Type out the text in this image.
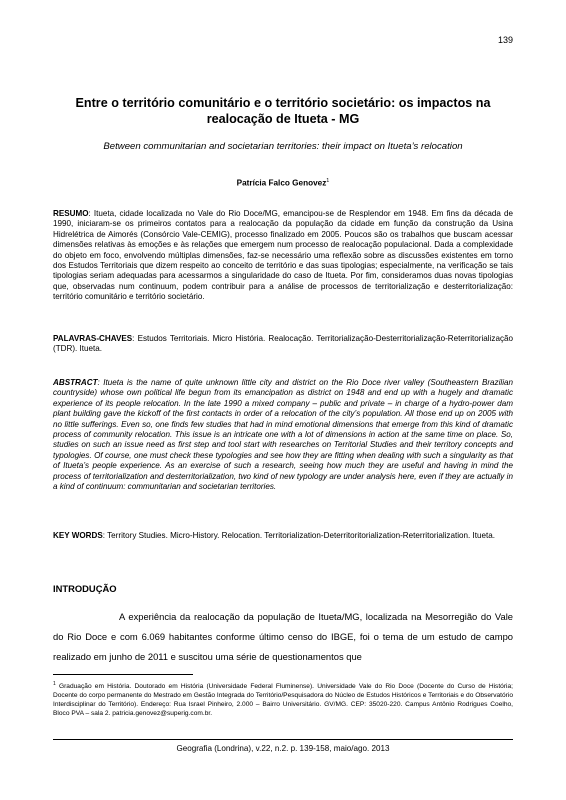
139
Entre o território comunitário e o território societário: os impactos na realocação de Itueta - MG
Between communitarian and societarian territories: their impact on Itueta’s relocation
Patrícia Falco Genovez$^1$

RESUMO: Itueta, cidade localizada no Vale do Rio Doce/MG, emancipou-se de Resplendor em 1948. Em fins da década de 1990, iniciaram-se os primeiros contatos para a realocação da população da cidade em função da construção da Usina Hidrelétrica de Aimorés (Consórcio Vale-CEMIG), processo finalizado em 2005. Poucos são os trabalhos que buscam acessar dimensões relativas às emoções e às relações que emergem num processo de realocação populacional. Dada a complexidade do objeto em foco, envolvendo múltiplas dimensões, faz-se necessário uma reflexão sobre as discussões existentes em torno dos Estudos Territoriais que dizem respeito ao conceito de território e das suas tipologias; especialmente, na verificação se tais tipologias seriam adequadas para acessarmos a singularidade do caso de Itueta. Por fim, consideramos duas novas tipologias que, observadas num continuum, podem contribuir para a análise de processos de territorialização e desterritorialização: território comunitário e território societário.

PALAVRAS-CHAVES: Estudos Territoriais. Micro História. Realocação. Territorialização-Desterritorialização-Reterritorialização (TDR). Itueta.

ABSTRACT: Itueta is the name of quite unknown little city and district on the Rio Doce river valley (Southeastern Brazilian countryside) whose own political life begun from its emancipation as district on 1948 and end up with a hugely and dramatic experience of its people relocation. In the late 1990 a mixed company – public and private – in charge of a hydro-power dam plant building gave the kickoff of the first contacts in order of a relocation of the city’s population. All those end up on 2005 with no little sufferings. Even so, one finds few studies that had in mind emotional dimensions that emerge from this kind of dramatic process of community relocation. This issue is an intricate one with a lot of dimensions in action at the same time on place. So, studies on such an issue need as first step and tool start with researches on Territorial Studies and their territory concepts and typologies. Of course, one must check these typologies and see how they are fitting when dealing with such a singularity as that of Itueta’s people experience. As an exercise of such a research, seeing how much they are useful and having in mind the process of territorialization and desterritorialization, two kind of new typology are under analysis here, even if they are actually in a kind of continuum: communitarian and societarian territories.

KEY WORDS: Territory Studies. Micro-History. Relocation. Territorialization-Deterritoritorialization-Reterritorialization. Itueta.

INTRODUÇÃO

A experiência da realocação da população de Itueta/MG, localizada na Mesorregião do Vale do Rio Doce e com 6.069 habitantes conforme último censo do IBGE, foi o tema de um estudo de campo realizado em junho de 2011 e suscitou uma série de questionamentos que

$^1$ Graduação em História. Doutorado em História (Universidade Federal Fluminense). Universidade Vale do Rio Doce (Docente do Curso de História; Docente do corpo permanente do Mestrado em Gestão Integrada do Território/Pesquisadora do Núcleo de Estudos Históricos e Territoriais e do Observatório Interdisciplinar do Território). Endereço: Rua Israel Pinheiro, 2.000 – Bairro Universitário. GV/MG. CEP: 35020-220. Campus Antônio Rodrigues Coelho, Bloco PVA – sala 2. patricia.genovez@superig.com.br.

Geografia (Londrina), v.22, n.2. p. 139-158, maio/ago. 2013
